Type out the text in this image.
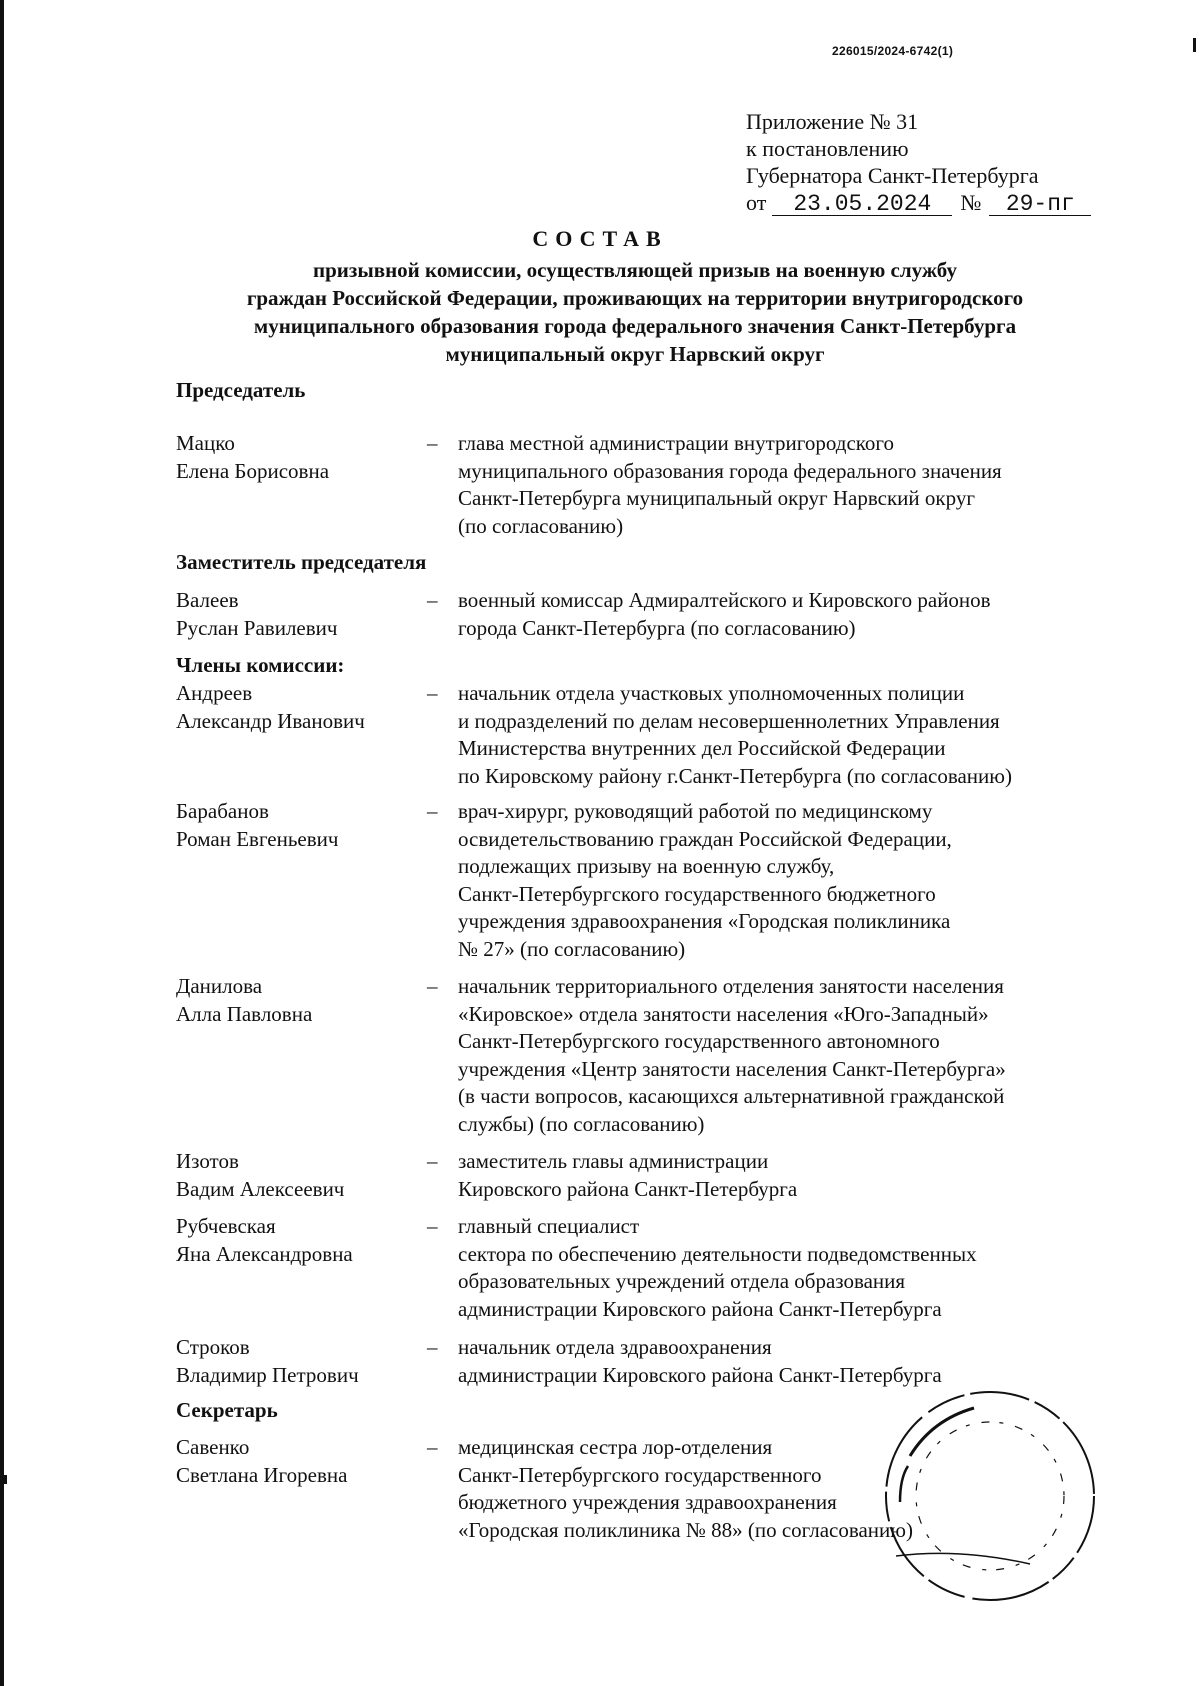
226015/2024-6742(1)
Приложение № 31
к постановлению
Губернатора Санкт-Петербурга
от 23.05.2024 № 29-пг
СОСТАВ
призывной комиссии, осуществляющей призыв на военную службу
граждан Российской Федерации, проживающих на территории внутригородского
муниципального образования города федерального значения Санкт-Петербурга
муниципальный округ Нарвский округ
Председатель
Мацко
Елена Борисовна
– глава местной администрации внутригородского
муниципального образования города федерального значения
Санкт-Петербурга муниципальный округ Нарвский округ
(по согласованию)
Заместитель председателя
Валеев
Руслан Равилевич
– военный комиссар Адмиралтейского и Кировского районов
города Санкт-Петербурга (по согласованию)
Члены комиссии:
Андреев
Александр Иванович
– начальник отдела участковых уполномоченных полиции
и подразделений по делам несовершеннолетних Управления
Министерства внутренних дел Российской Федерации
по Кировскому району г.Санкт-Петербурга (по согласованию)
Барабанов
Роман Евгеньевич
– врач-хирург, руководящий работой по медицинскому
освидетельствованию граждан Российской Федерации,
подлежащих призыву на военную службу,
Санкт-Петербургского государственного бюджетного
учреждения здравоохранения «Городская поликлиника
№ 27» (по согласованию)
Данилова
Алла Павловна
– начальник территориального отделения занятости населения
«Кировское» отдела занятости населения «Юго-Западный»
Санкт-Петербургского государственного автономного
учреждения «Центр занятости населения Санкт-Петербурга»
(в части вопросов, касающихся альтернативной гражданской
службы) (по согласованию)
Изотов
Вадим Алексеевич
– заместитель главы администрации
Кировского района Санкт-Петербурга
Рубчевская
Яна Александровна
– главный специалист
сектора по обеспечению деятельности подведомственных
образовательных учреждений отдела образования
администрации Кировского района Санкт-Петербурга
Строков
Владимир Петрович
– начальник отдела здравоохранения
администрации Кировского района Санкт-Петербурга
Секретарь
Савенко
Светлана Игоревна
– медицинская сестра лор-отделения
Санкт-Петербургского государственного
бюджетного учреждения здравоохранения
«Городская поликлиника № 88» (по согласованию)
